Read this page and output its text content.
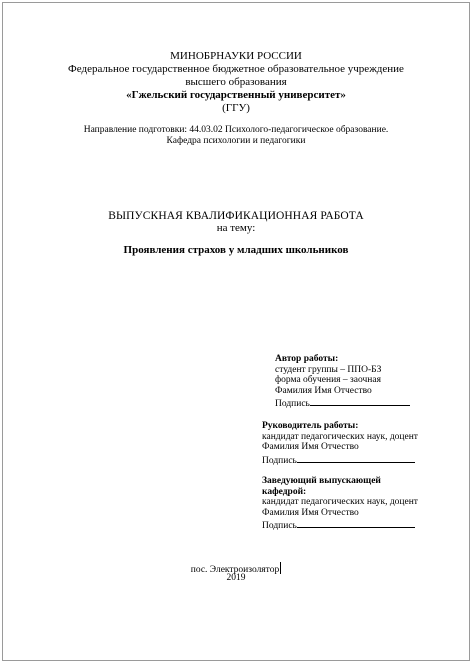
МИНОБРНАУКИ РОССИИ
Федеральное государственное бюджетное образовательное учреждение
высшего образования
«Гжельский государственный университет»
(ГГУ)
Направление подготовки: 44.03.02 Психолого-педагогическое образование.
Кафедра психологии и педагогики
ВЫПУСКНАЯ КВАЛИФИКАЦИОННАЯ РАБОТА
на тему:
Проявления страхов у младших школьников
Автор работы:
студент группы – ППО-БЗ
форма обучения – заочная
Фамилия Имя Отчество
Подпись
Руководитель работы:
кандидат педагогических наук, доцент
Фамилия Имя Отчество
Подпись
Заведующий выпускающей
кафедрой:
кандидат педагогических наук, доцент
Фамилия Имя Отчество
Подпись
пос. Электроизолятор
2019
